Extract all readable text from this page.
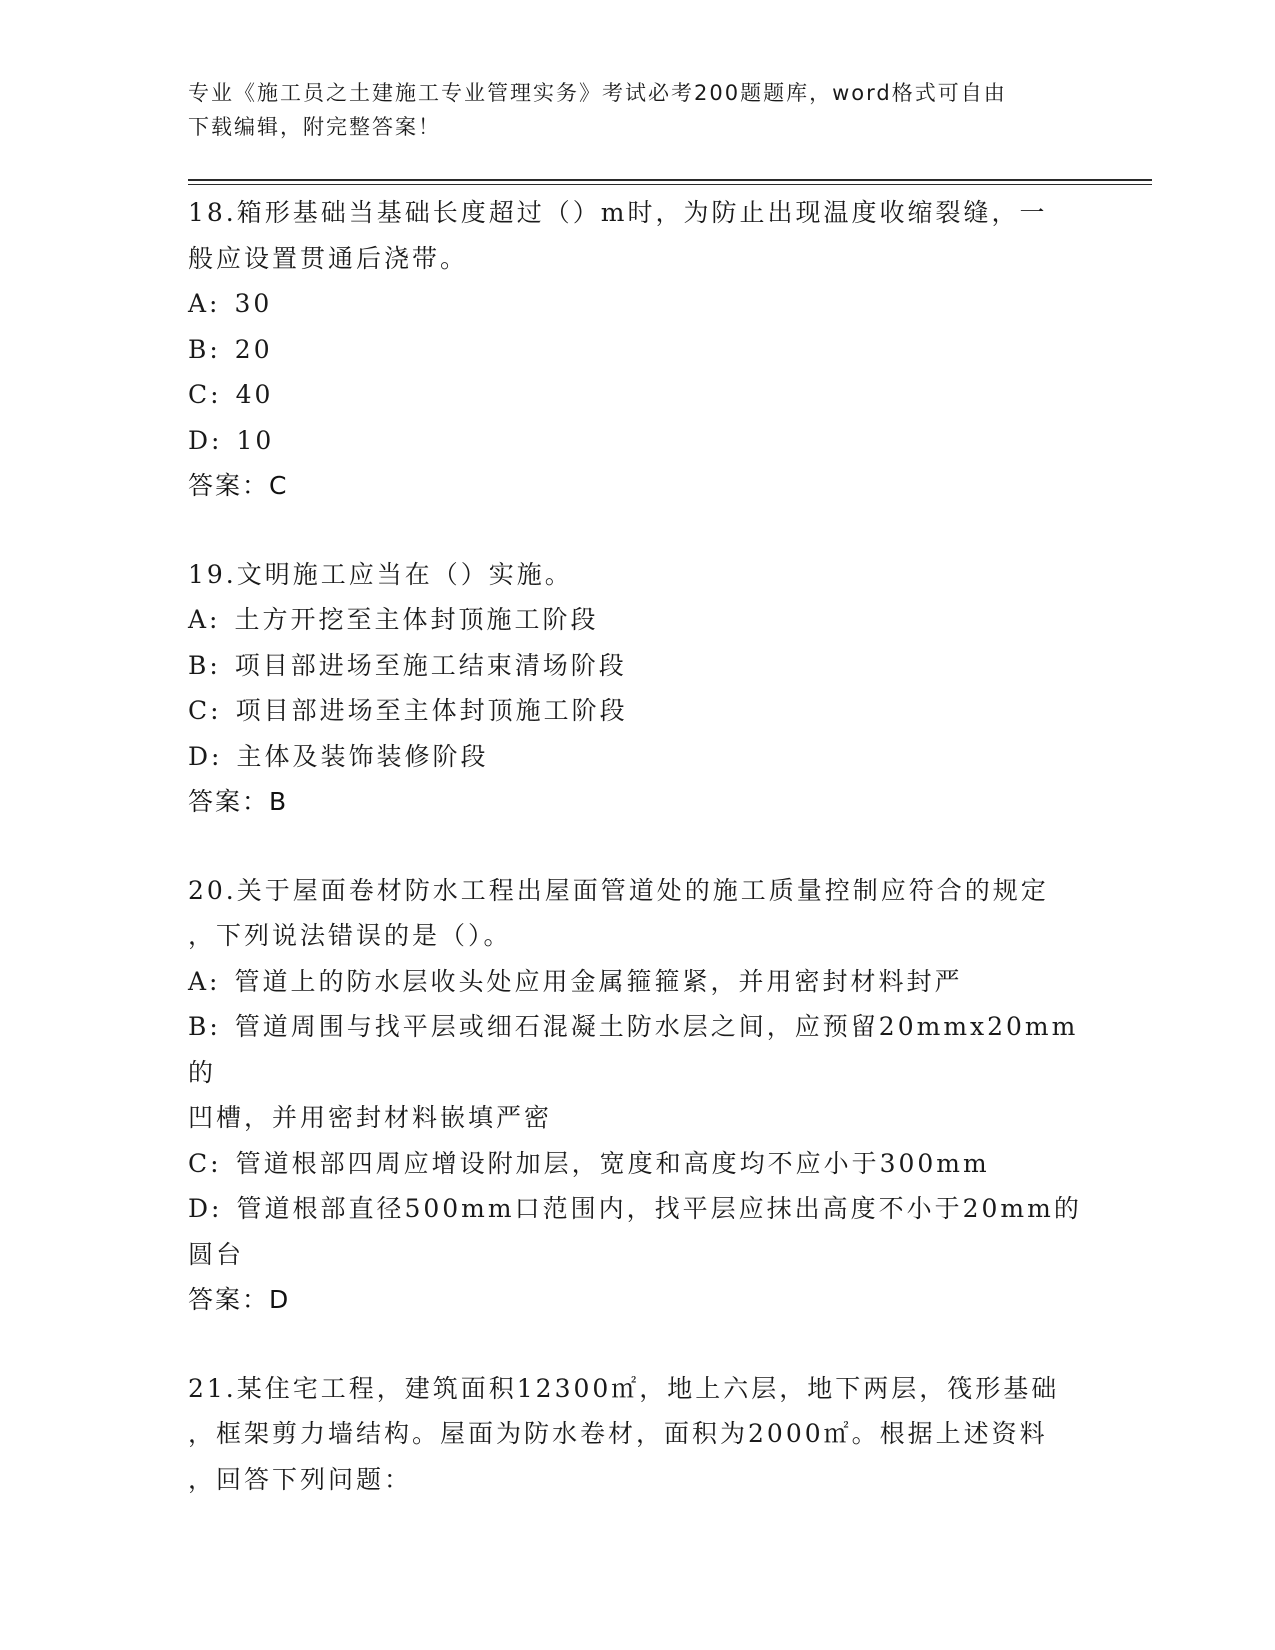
专业《施工员之土建施工专业管理实务》考试必考200题题库，word格式可自由
下载编辑，附完整答案！
18.箱形基础当基础长度超过（）m时，为防止出现温度收缩裂缝，一
般应设置贯通后浇带。
A: 30
B: 20
C: 40
D: 10
答案：C
19.文明施工应当在（）实施。
A: 土方开挖至主体封顶施工阶段
B: 项目部进场至施工结束清场阶段
C: 项目部进场至主体封顶施工阶段
D: 主体及装饰装修阶段
答案：B
20.关于屋面卷材防水工程出屋面管道处的施工质量控制应符合的规定
，下列说法错误的是（）。
A: 管道上的防水层收头处应用金属箍箍紧，并用密封材料封严
B: 管道周围与找平层或细石混凝土防水层之间，应预留20mmx20mm的
凹槽，并用密封材料嵌填严密
C: 管道根部四周应增设附加层，宽度和高度均不应小于300mm
D: 管道根部直径500mm口范围内，找平层应抹出高度不小于20mm的
圆台
答案：D
21.某住宅工程，建筑面积12300㎡，地上六层，地下两层，筏形基础
，框架剪力墙结构。屋面为防水卷材，面积为2000㎡。根据上述资料
，回答下列问题：
